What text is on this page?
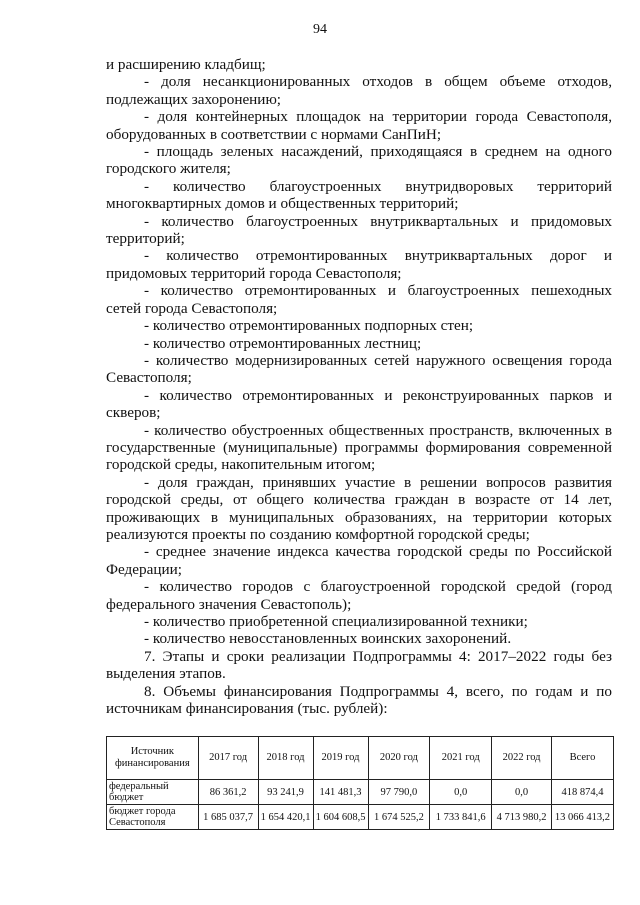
94

и расширению кладбищ;

- доля несанкционированных отходов в общем объеме отходов, подлежащих захоронению;

- доля контейнерных площадок на территории города Севастополя, оборудованных в соответствии с нормами СанПиН;

- площадь зеленых насаждений, приходящаяся в среднем на одного городского жителя;

- количество благоустроенных внутридворовых территорий многоквартирных домов и общественных территорий;

- количество благоустроенных внутриквартальных и придомовых территорий;

- количество отремонтированных внутриквартальных дорог и придомовых территорий города Севастополя;

- количество отремонтированных и благоустроенных пешеходных сетей города Севастополя;

- количество отремонтированных подпорных стен;

- количество отремонтированных лестниц;

- количество модернизированных сетей наружного освещения города Севастополя;

- количество отремонтированных и реконструированных парков и скверов;

- количество обустроенных общественных пространств, включенных в государственные (муниципальные) программы формирования современной городской среды, накопительным итогом;

- доля граждан, принявших участие в решении вопросов развития городской среды, от общего количества граждан в возрасте от 14 лет, проживающих в муниципальных образованиях, на территории которых реализуются проекты по созданию комфортной городской среды;

- среднее значение индекса качества городской среды по Российской Федерации;

- количество городов с благоустроенной городской средой (город федерального значения Севастополь);

- количество приобретенной специализированной техники;

- количество невосстановленных воинских захоронений.

7. Этапы и сроки реализации Подпрограммы 4: 2017–2022 годы без выделения этапов.

8. Объемы финансирования Подпрограммы 4, всего, по годам и по источникам финансирования (тыс. рублей):

Источник финансирования	2017 год	2018 год	2019 год	2020 год	2021 год	2022 год	Всего
федеральный бюджет	86 361,2	93 241,9	141 481,3	97 790,0	0,0	0,0	418 874,4
бюджет города Севастополя	1 685 037,7	1 654 420,1	1 604 608,5	1 674 525,2	1 733 841,6	4 713 980,2	13 066 413,2
